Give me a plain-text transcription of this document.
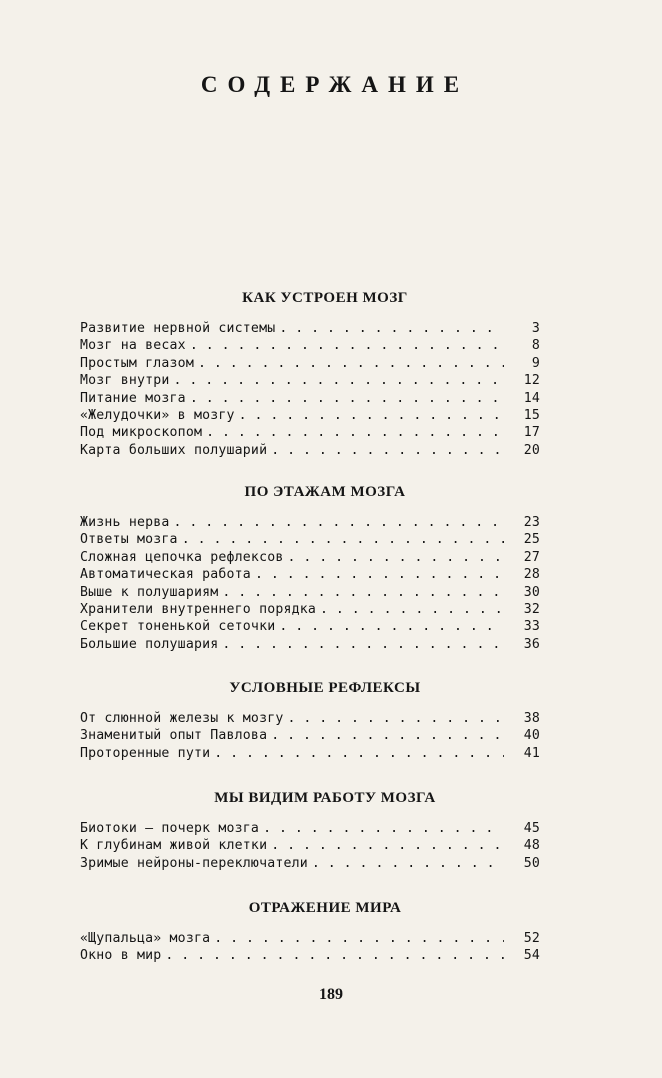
СОДЕРЖАНИЕ
КАК УСТРОЕН МОЗГ
Развитие нервной системы . . .	3
Мозг на весах . . .	8
Простым глазом . . .	9
Мозг внутри . . .	12
Питание мозга . . .	14
«Желудочки» в мозгу . . .	15
Под микроскопом . . .	17
Карта больших полушарий . . .	20
ПО ЭТАЖАМ МОЗГА
Жизнь нерва . . .	23
Ответы мозга . . .	25
Сложная цепочка рефлексов . . .	27
Автоматическая работа . . .	28
Выше к полушариям . . .	30
Хранители внутреннего порядка . . .	32
Секрет тоненькой сеточки . . .	33
Большие полушария . . .	36
УСЛОВНЫЕ РЕФЛЕКСЫ
От слюнной железы к мозгу . . .	38
Знаменитый опыт Павлова . . .	40
Проторенные пути . . .	41
МЫ ВИДИМ РАБОТУ МОЗГА
Биотоки — почерк мозга . . .	45
К глубинам живой клетки . . .	48
Зримые нейроны-переключатели . . .	50
ОТРАЖЕНИЕ МИРА
«Щупальца» мозга . . .	52
Окно в мир . . .	54
189
